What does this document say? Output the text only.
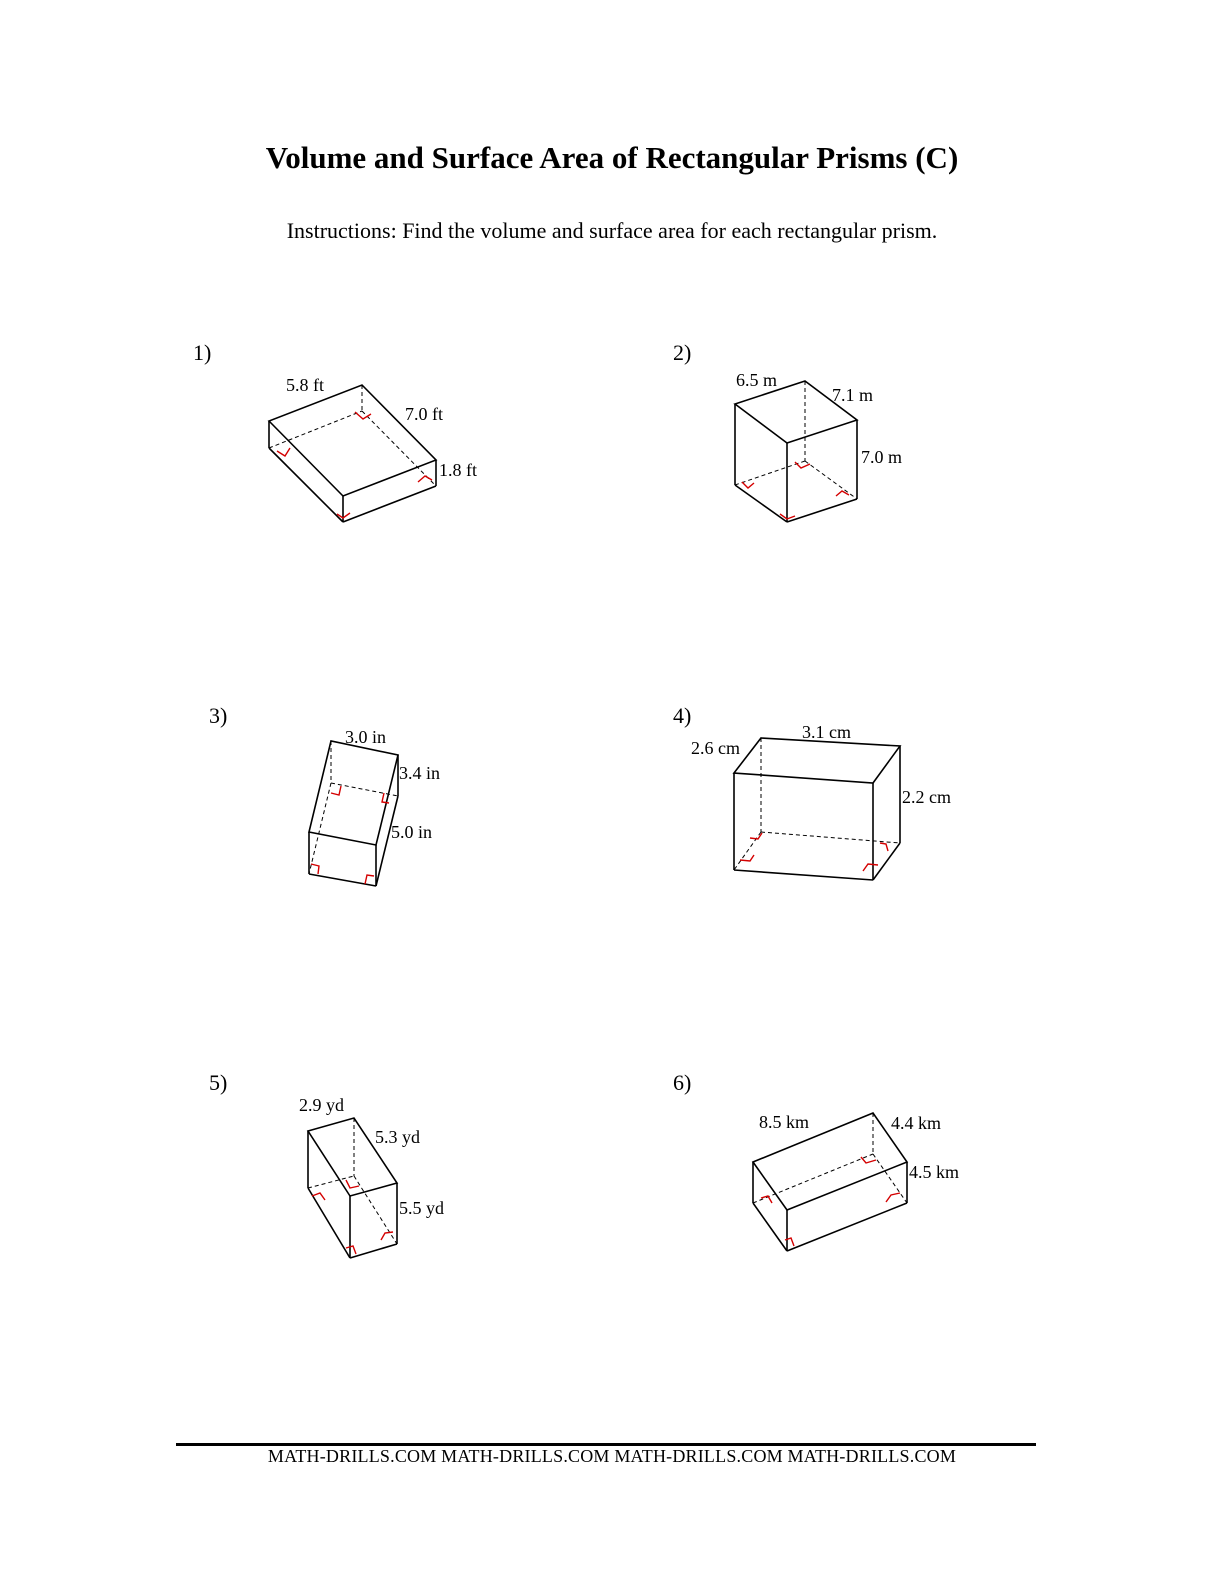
Volume and Surface Area of Rectangular Prisms (C)
Instructions: Find the volume and surface area for each rectangular prism.
1)	2)
3)	4)
5)	6)
5.8 ft
7.0 ft
1.8 ft
6.5 m
7.1 m
7.0 m
3.0 in
3.4 in
5.0 in
2.6 cm
3.1 cm
2.2 cm
2.9 yd
5.3 yd
5.5 yd
8.5 km	4.4 km
4.5 km
MATH-DRILLS.COM MATH-DRILLS.COM MATH-DRILLS.COM MATH-DRILLS.COM
